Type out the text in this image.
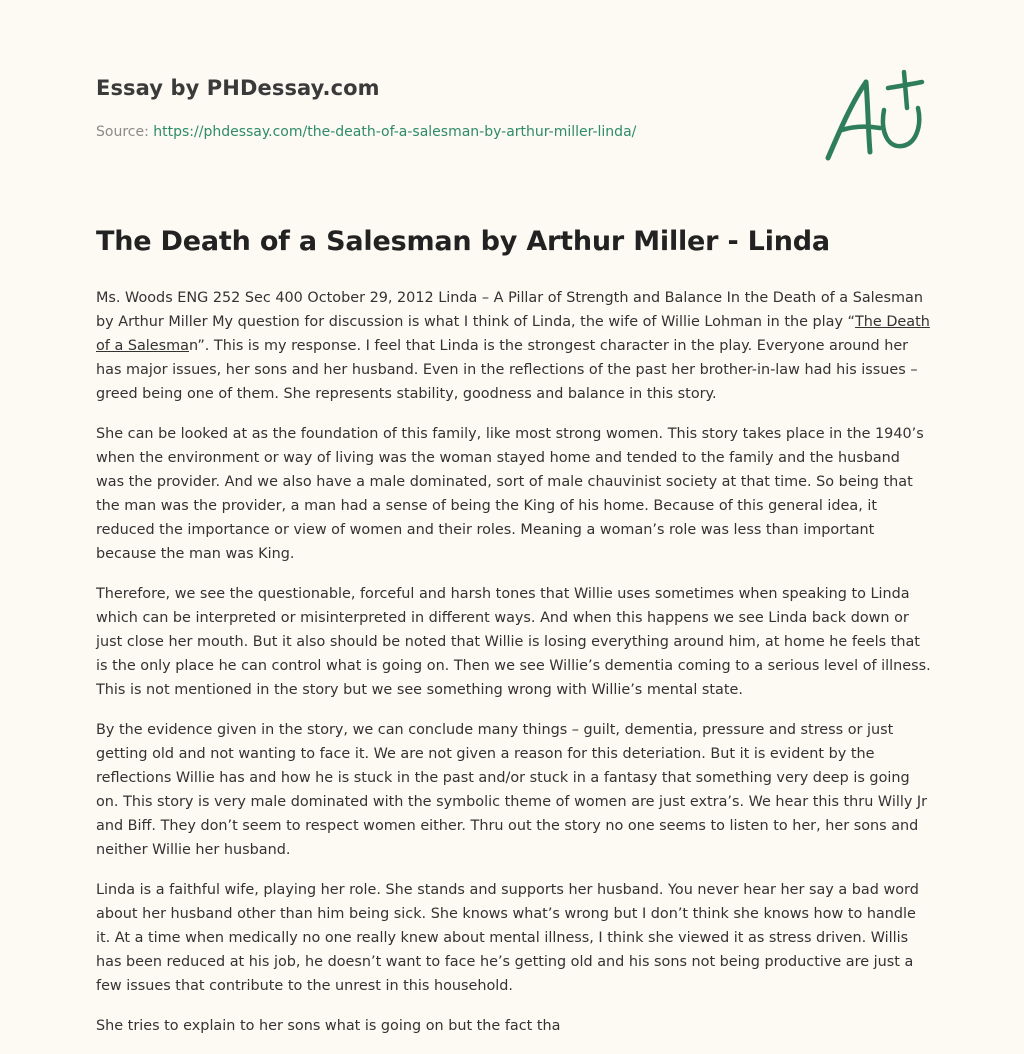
Essay by PHDessay.com
Source: https://phdessay.com/the-death-of-a-salesman-by-arthur-miller-linda/
The Death of a Salesman by Arthur Miller - Linda

Ms. Woods ENG 252 Sec 400 October 29, 2012 Linda – A Pillar of Strength and Balance In the Death of a Salesman by Arthur Miller My question for discussion is what I think of Linda, the wife of Willie Lohman in the play “The Death of a Salesman”. This is my response. I feel that Linda is the strongest character in the play. Everyone around her has major issues, her sons and her husband. Even in the reflections of the past her brother-in-law had his issues – greed being one of them. She represents stability, goodness and balance in this story.

She can be looked at as the foundation of this family, like most strong women. This story takes place in the 1940’s when the environment or way of living was the woman stayed home and tended to the family and the husband was the provider. And we also have a male dominated, sort of male chauvinist society at that time. So being that the man was the provider, a man had a sense of being the King of his home. Because of this general idea, it reduced the importance or view of women and their roles. Meaning a woman’s role was less than important because the man was King.

Therefore, we see the questionable, forceful and harsh tones that Willie uses sometimes when speaking to Linda which can be interpreted or misinterpreted in different ways. And when this happens we see Linda back down or just close her mouth. But it also should be noted that Willie is losing everything around him, at home he feels that is the only place he can control what is going on. Then we see Willie’s dementia coming to a serious level of illness. This is not mentioned in the story but we see something wrong with Willie’s mental state.

By the evidence given in the story, we can conclude many things – guilt, dementia, pressure and stress or just getting old and not wanting to face it. We are not given a reason for this deteriation. But it is evident by the reflections Willie has and how he is stuck in the past and/or stuck in a fantasy that something very deep is going on. This story is very male dominated with the symbolic theme of women are just extra’s. We hear this thru Willy Jr and Biff. They don’t seem to respect women either. Thru out the story no one seems to listen to her, her sons and neither Willie her husband.

Linda is a faithful wife, playing her role. She stands and supports her husband. You never hear her say a bad word about her husband other than him being sick. She knows what’s wrong but I don’t think she knows how to handle it. At a time when medically no one really knew about mental illness, I think she viewed it as stress driven. Willis has been reduced at his job, he doesn’t want to face he’s getting old and his sons not being productive are just a few issues that contribute to the unrest in this household.

She tries to explain to her sons what is going on but the fact tha
